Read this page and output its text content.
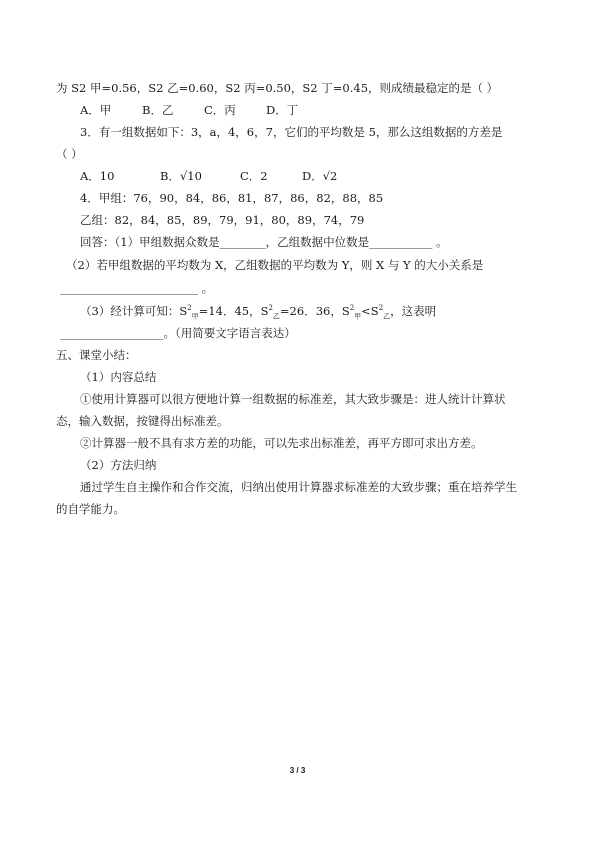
为 S2 甲=0.56，S2 乙=0.60，S2 丙=0.50，S2 丁=0.45，则成绩最稳定的是（ ）
A．甲	B．乙	C．丙	D．丁
3．有一组数据如下：3，a，4，6，7，它们的平均数是 5，那么这组数据的方差是
（ ）
A．10	B．√10	C．2	D．√2
4．甲组：76，90，84，86，81，87，86，82，88，85
乙组：82，84，85，89，79，91，80，89，74，79
回答：（1）甲组数据众数是________，乙组数据中位数是___________ 。
（2）若甲组数据的平均数为 X，乙组数据的平均数为 Y，则 X 与 Y 的大小关系是
________________________ 。
（3）经计算可知：$S^2_甲=14$．45，$S^2_乙=26$．36，$S^2_甲<S^2_乙$，这表明
__________________。（用简要文字语言表达）
五、课堂小结：
（1）内容总结
①使用计算器可以很方便地计算一组数据的标准差，其大致步骤是：进人统计计算状
态，输入数据，按键得出标准差。
②计算器一般不具有求方差的功能，可以先求出标准差，再平方即可求出方差。
（2）方法归纳
通过学生自主操作和合作交流，归纳出使用计算器求标准差的大致步骤；重在培养学生
的自学能力。
3 / 3
